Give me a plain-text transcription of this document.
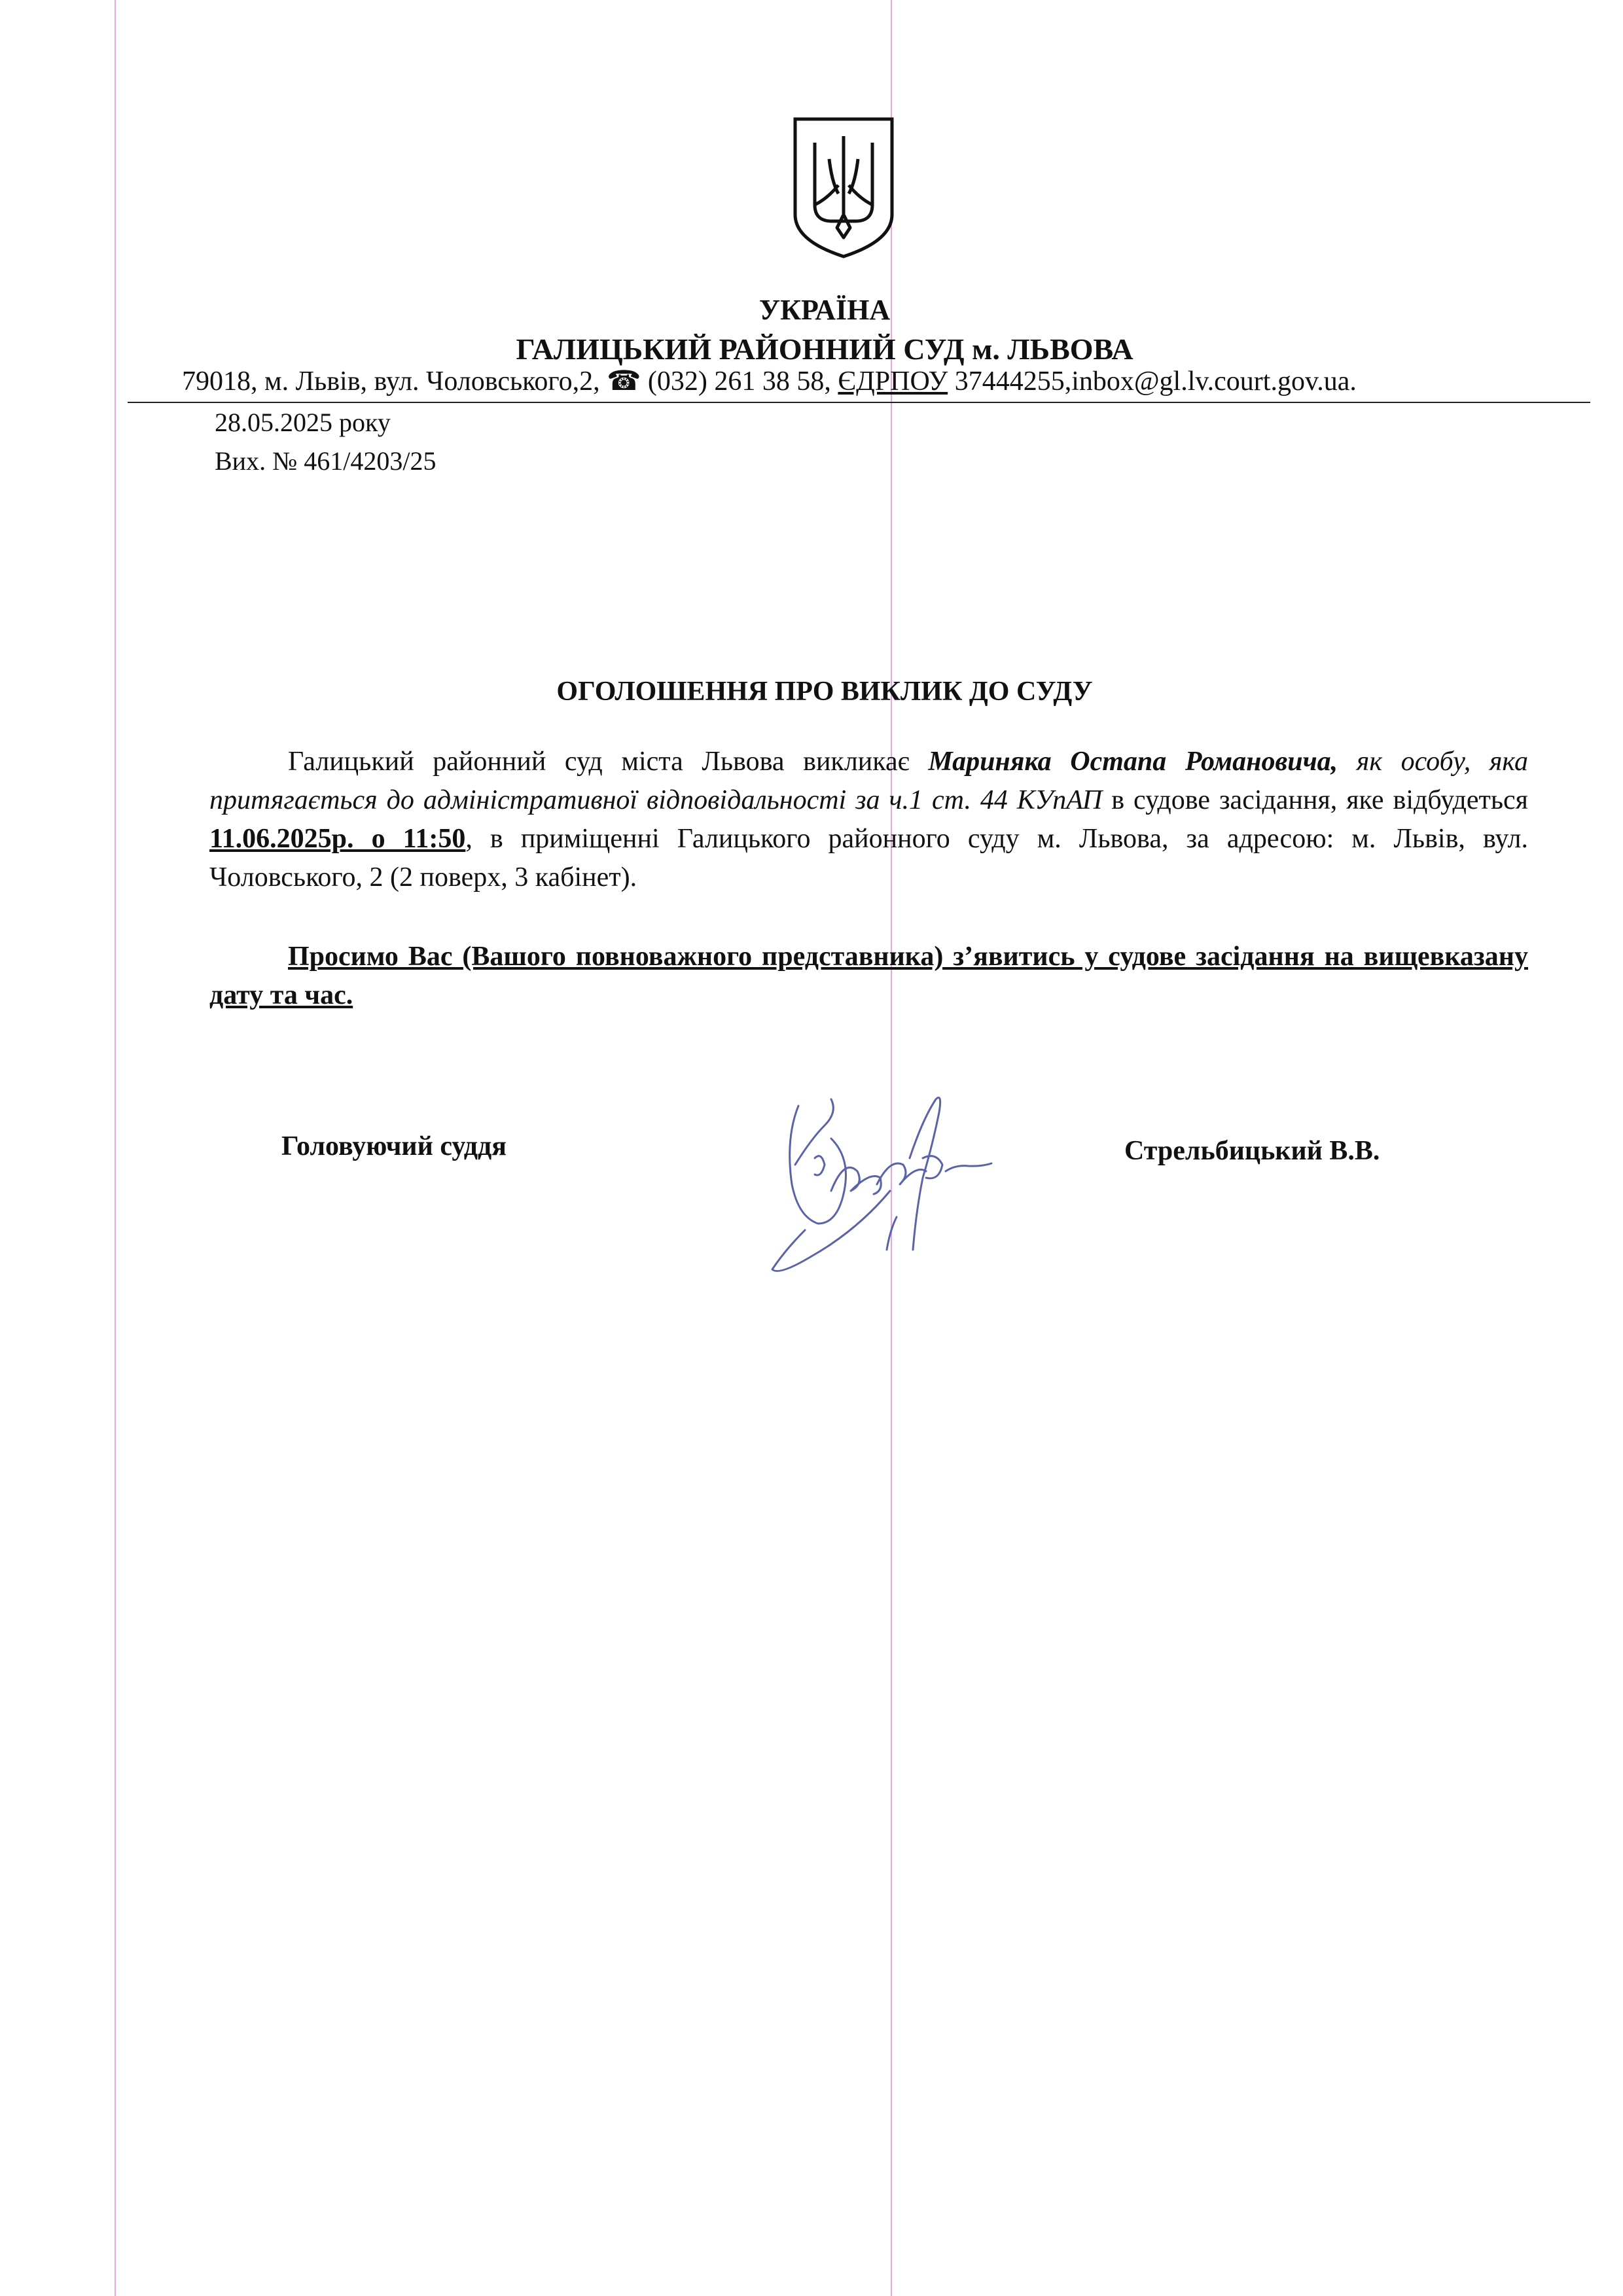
УКРАЇНА
ГАЛИЦЬКИЙ РАЙОННИЙ СУД м. ЛЬВОВА
79018, м. Львів, вул. Чоловського,2, ☎ (032) 261 38 58, ЄДРПОУ 37444255,inbox@gl.lv.court.gov.ua.
28.05.2025 року
Вих. № 461/4203/25
ОГОЛОШЕННЯ ПРО ВИКЛИК ДО СУДУ
Галицький районний суд міста Львова викликає Мариняка Остапа Романовича, як особу, яка притягається до адміністративної відповідальності за ч.1 ст. 44 КУпАП в судове засідання, яке відбудеться 11.06.2025р. о 11:50, в приміщенні Галицького районного суду м. Львова, за адресою: м. Львів, вул. Чоловського, 2 (2 поверх, 3 кабінет).
Просимо Вас (Вашого повноважного представника) з’явитись у судове засідання на вищевказану дату та час.
Головуючий суддя	Стрельбицький В.В.
